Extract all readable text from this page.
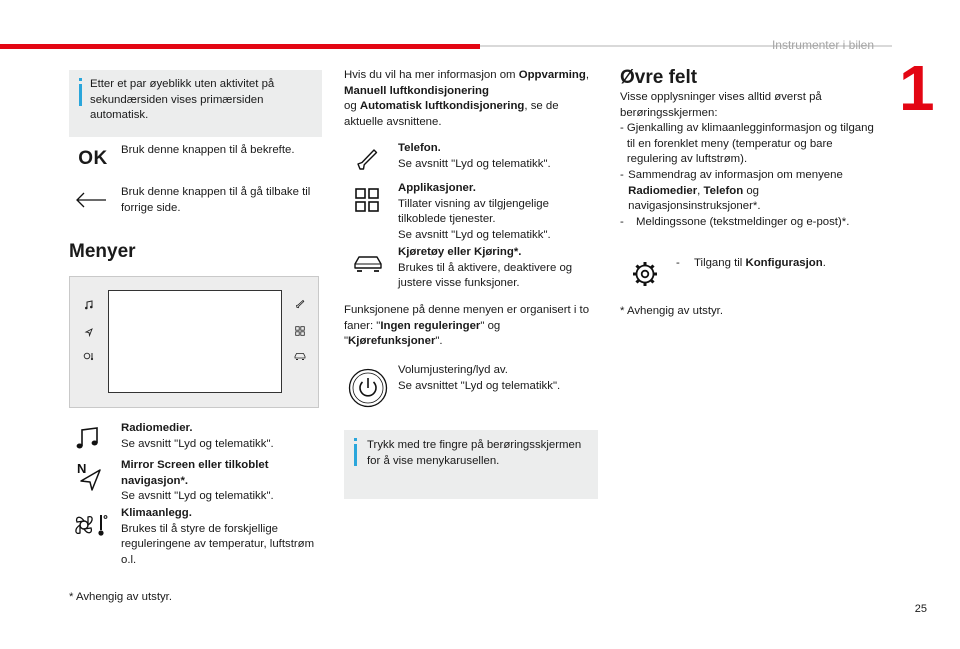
Instrumenter i bilen
1
Etter et par øyeblikk uten aktivitet på sekundærsiden vises primærsiden automatisk.
OK Bruk denne knappen til å bekrefte.
Bruk denne knappen til å gå tilbake til forrige side.
Menyer
Radiomedier.
Se avsnitt "Lyd og telematikk".
N	Mirror Screen eller tilkoblet navigasjon*.
Se avsnitt "Lyd og telematikk".
Klimaanlegg.
Brukes til å styre de forskjellige reguleringene av temperatur, luftstrøm o.l.
* Avhengig av utstyr.
Hvis du vil ha mer informasjon om Oppvarming, Manuell luftkondisjonering
og Automatisk luftkondisjonering, se de aktuelle avsnittene.
Telefon.
Se avsnitt "Lyd og telematikk".
Applikasjoner.
Tillater visning av tilgjengelige tilkoblede tjenester.
Se avsnitt "Lyd og telematikk".
Kjøretøy eller Kjøring*.
Brukes til å aktivere, deaktivere og justere visse funksjoner.
Funksjonene på denne menyen er organisert i to faner: "Ingen reguleringer" og "Kjørefunksjoner".
Volumjustering/lyd av.
Se avsnittet "Lyd og telematikk".
Trykk med tre fingre på berøringsskjermen for å vise menykarusellen.
Øvre felt
Visse opplysninger vises alltid øverst på berøringsskjermen:
- Gjenkalling av klimaanlegginformasjon og tilgang til en forenklet meny (temperatur og bare regulering av luftstrøm).
- Sammendrag av informasjon om menyene Radiomedier, Telefon og navigasjonsinstruksjoner*.
-	Meldingssone (tekstmeldinger og e-post)*.
- Tilgang til Konfigurasjon.
* Avhengig av utstyr.
25
